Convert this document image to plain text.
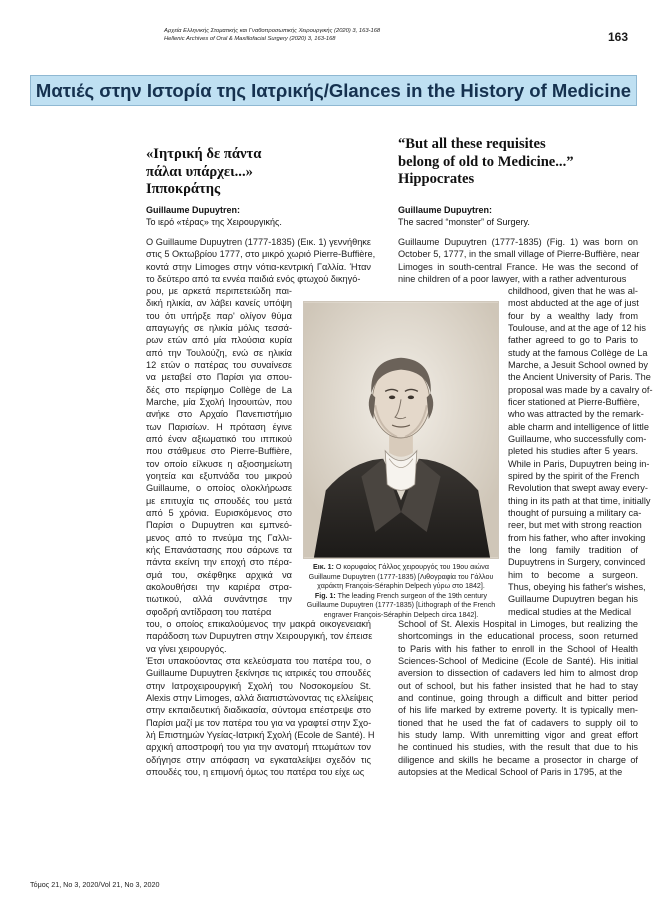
Αρχεία Ελληνικής Στοματικής και Γναθοπροσωπικής Χειρουργικής (2020) 3, 163-168
Hellenic Archives of Oral & Maxillofacial Surgery (2020) 3, 163-168	163
Ματιές στην Ιστορία της Ιατρικής/Glances in the History of Medicine
«Ιητρική δε πάντα
πάλαι υπάρχει...»
Ιπποκράτης
Guillaume Dupuytren:
Το ιερό «τέρας» της Χειρουργικής.
Ο Guillaume Dupuytren (1777-1835) (Εικ. 1) γεννήθηκε
στις 5 Οκτωβρίου 1777, στο μικρό χωριό Pierre-Buffière,
κοντά στην Limoges στην νότια-κεντρική Γαλλία. Ήταν
το δεύτερο από τα εννέα παιδιά ενός φτωχού δικηγό-
ρου, με αρκετά περιπετειώδη παι-
δική ηλικία, αν λάβει κανείς υπόψη
του ότι υπήρξε παρ' ολίγον θύμα
απαγωγής σε ηλικία μόλις τεσσά-
ρων ετών από μία πλούσια κυρία
από την Τουλούζη, ενώ σε ηλικία
12 ετών ο πατέρας του συναίνεσε
να μεταβεί στο Παρίσι για σπου-
δές στο περίφημο Collège de La
Marche, μία Σχολή Ιησουιτών, που
ανήκε στο Αρχαίο Πανεπιστήμιο
των Παρισίων. Η πρόταση έγινε
από έναν αξιωματικό του ιππικού
που στάθμευε στο Pierre-Buffière,
τον οποίο είλκυσε η αξιοσημείωτη
γοητεία και εξυπνάδα του μικρού
Guillaume, ο οποίος ολοκλήρωσε
με επιτυχία τις σπουδές του μετά
από 5 χρόνια. Ευρισκόμενος στο
Παρίσι ο Dupuytren και εμπνεό-
μενος από το πνεύμα της Γαλλι-
κής Επανάστασης που σάρωνε τα
πάντα εκείνη την εποχή στο πέρα-
σμά του, σκέφθηκε αρχικά να
ακολουθήσει την καριέρα στρα-
τιωτικού, αλλά συνάντησε την
σφοδρή αντίδραση του πατέρα
του, ο οποίος επικαλούμενος την μακρά οικογενειακή
παράδοση των Dupuytren στην Χειρουργική, τον έπεισε
να γίνει χειρουργός.
Έτσι υπακούοντας στα κελεύσματα του πατέρα του, ο
Guillaume Dupuytren ξεκίνησε τις ιατρικές του σπουδές
στην Ιατροχειρουργική Σχολή του Νοσοκομείου St.
Alexis στην Limoges, αλλά διαπιστώνοντας τις ελλείψεις
στην εκπαιδευτική διαδικασία, σύντομα επέστρεψε στο
Παρίσι μαζί με τον πατέρα του για να γραφτεί στην Σχο-
λή Επιστημών Υγείας-Ιατρική Σχολή (Ecole de Santé). Η
αρχική αποστροφή του για την ανατομή πτωμάτων τον
οδήγησε στην απόφαση να εγκαταλείψει σχεδόν τις
σπουδές του, η επιμονή όμως του πατέρα του είχε ως
“But all these requisites
belong of old to Medicine...”
Hippocrates
Guillaume Dupuytren:
The sacred “monster” of Surgery.
Guillaume Dupuytren (1777-1835) (Fig. 1) was born on
October 5, 1777, in the small village of Pierre-Buffière, near
Limoges in south-central France. He was the second of
nine children of a poor lawyer, with a rather adventurous
childhood, given that he was al-
most abducted at the age of just
four by a wealthy lady from
Toulouse, and at the age of 12 his
father agreed to go to Paris to
study at the famous Collège de La
Marche, a Jesuit School owned by
the Ancient University of Paris. The
proposal was made by a cavalry of-
ficer stationed at Pierre-Buffière,
who was attracted by the remark-
able charm and intelligence of little
Guillaume, who successfully com-
pleted his studies after 5 years.
While in Paris, Dupuytren being in-
spired by the spirit of the French
Revolution that swept away every-
thing in its path at that time, initially
thought of pursuing a military ca-
reer, but met with strong reaction
from his father, who after invoking
the long family tradition of
Dupuytrens in Surgery, convinced
him to become a surgeon.
Thus, obeying his father's wishes,
Guillaume Dupuytren began his
medical studies at the Medical
School of St. Alexis Hospital in Limoges, but realizing the
shortcomings in the educational process, soon returned
to Paris with his father to enroll in the School of Health
Sciences-School of Medicine (Ecole de Santé). His initial
aversion to dissection of cadavers led him to almost drop
out of school, but his father insisted that he had to stay
and continue, going through a difficult and bitter period
of his life marked by extreme poverty. It is typically men-
tioned that he used the fat of cadavers to supply oil to
his study lamp. With unremitting vigor and great effort
he continued his studies, with the result that due to his
diligence and skills he became a prosector in charge of
autopsies at the Medical School of Paris in 1795, at the
Εικ. 1: Ο κορυφαίος Γάλλος χειρουργός του 19ου αιώνα Guillaume Dupuytren (1777-1835) [Λιθογραφία του Γάλλου χαράκτη François-Séraphin Delpech γύρω στο 1842].
Fig. 1: The leading French surgeon of the 19th century Guillaume Dupuytren (1777-1835) [Lithograph of the French engraver François-Séraphin Delpech circa 1842].
Τόμος 21, No 3, 2020/Vol 21, No 3, 2020
